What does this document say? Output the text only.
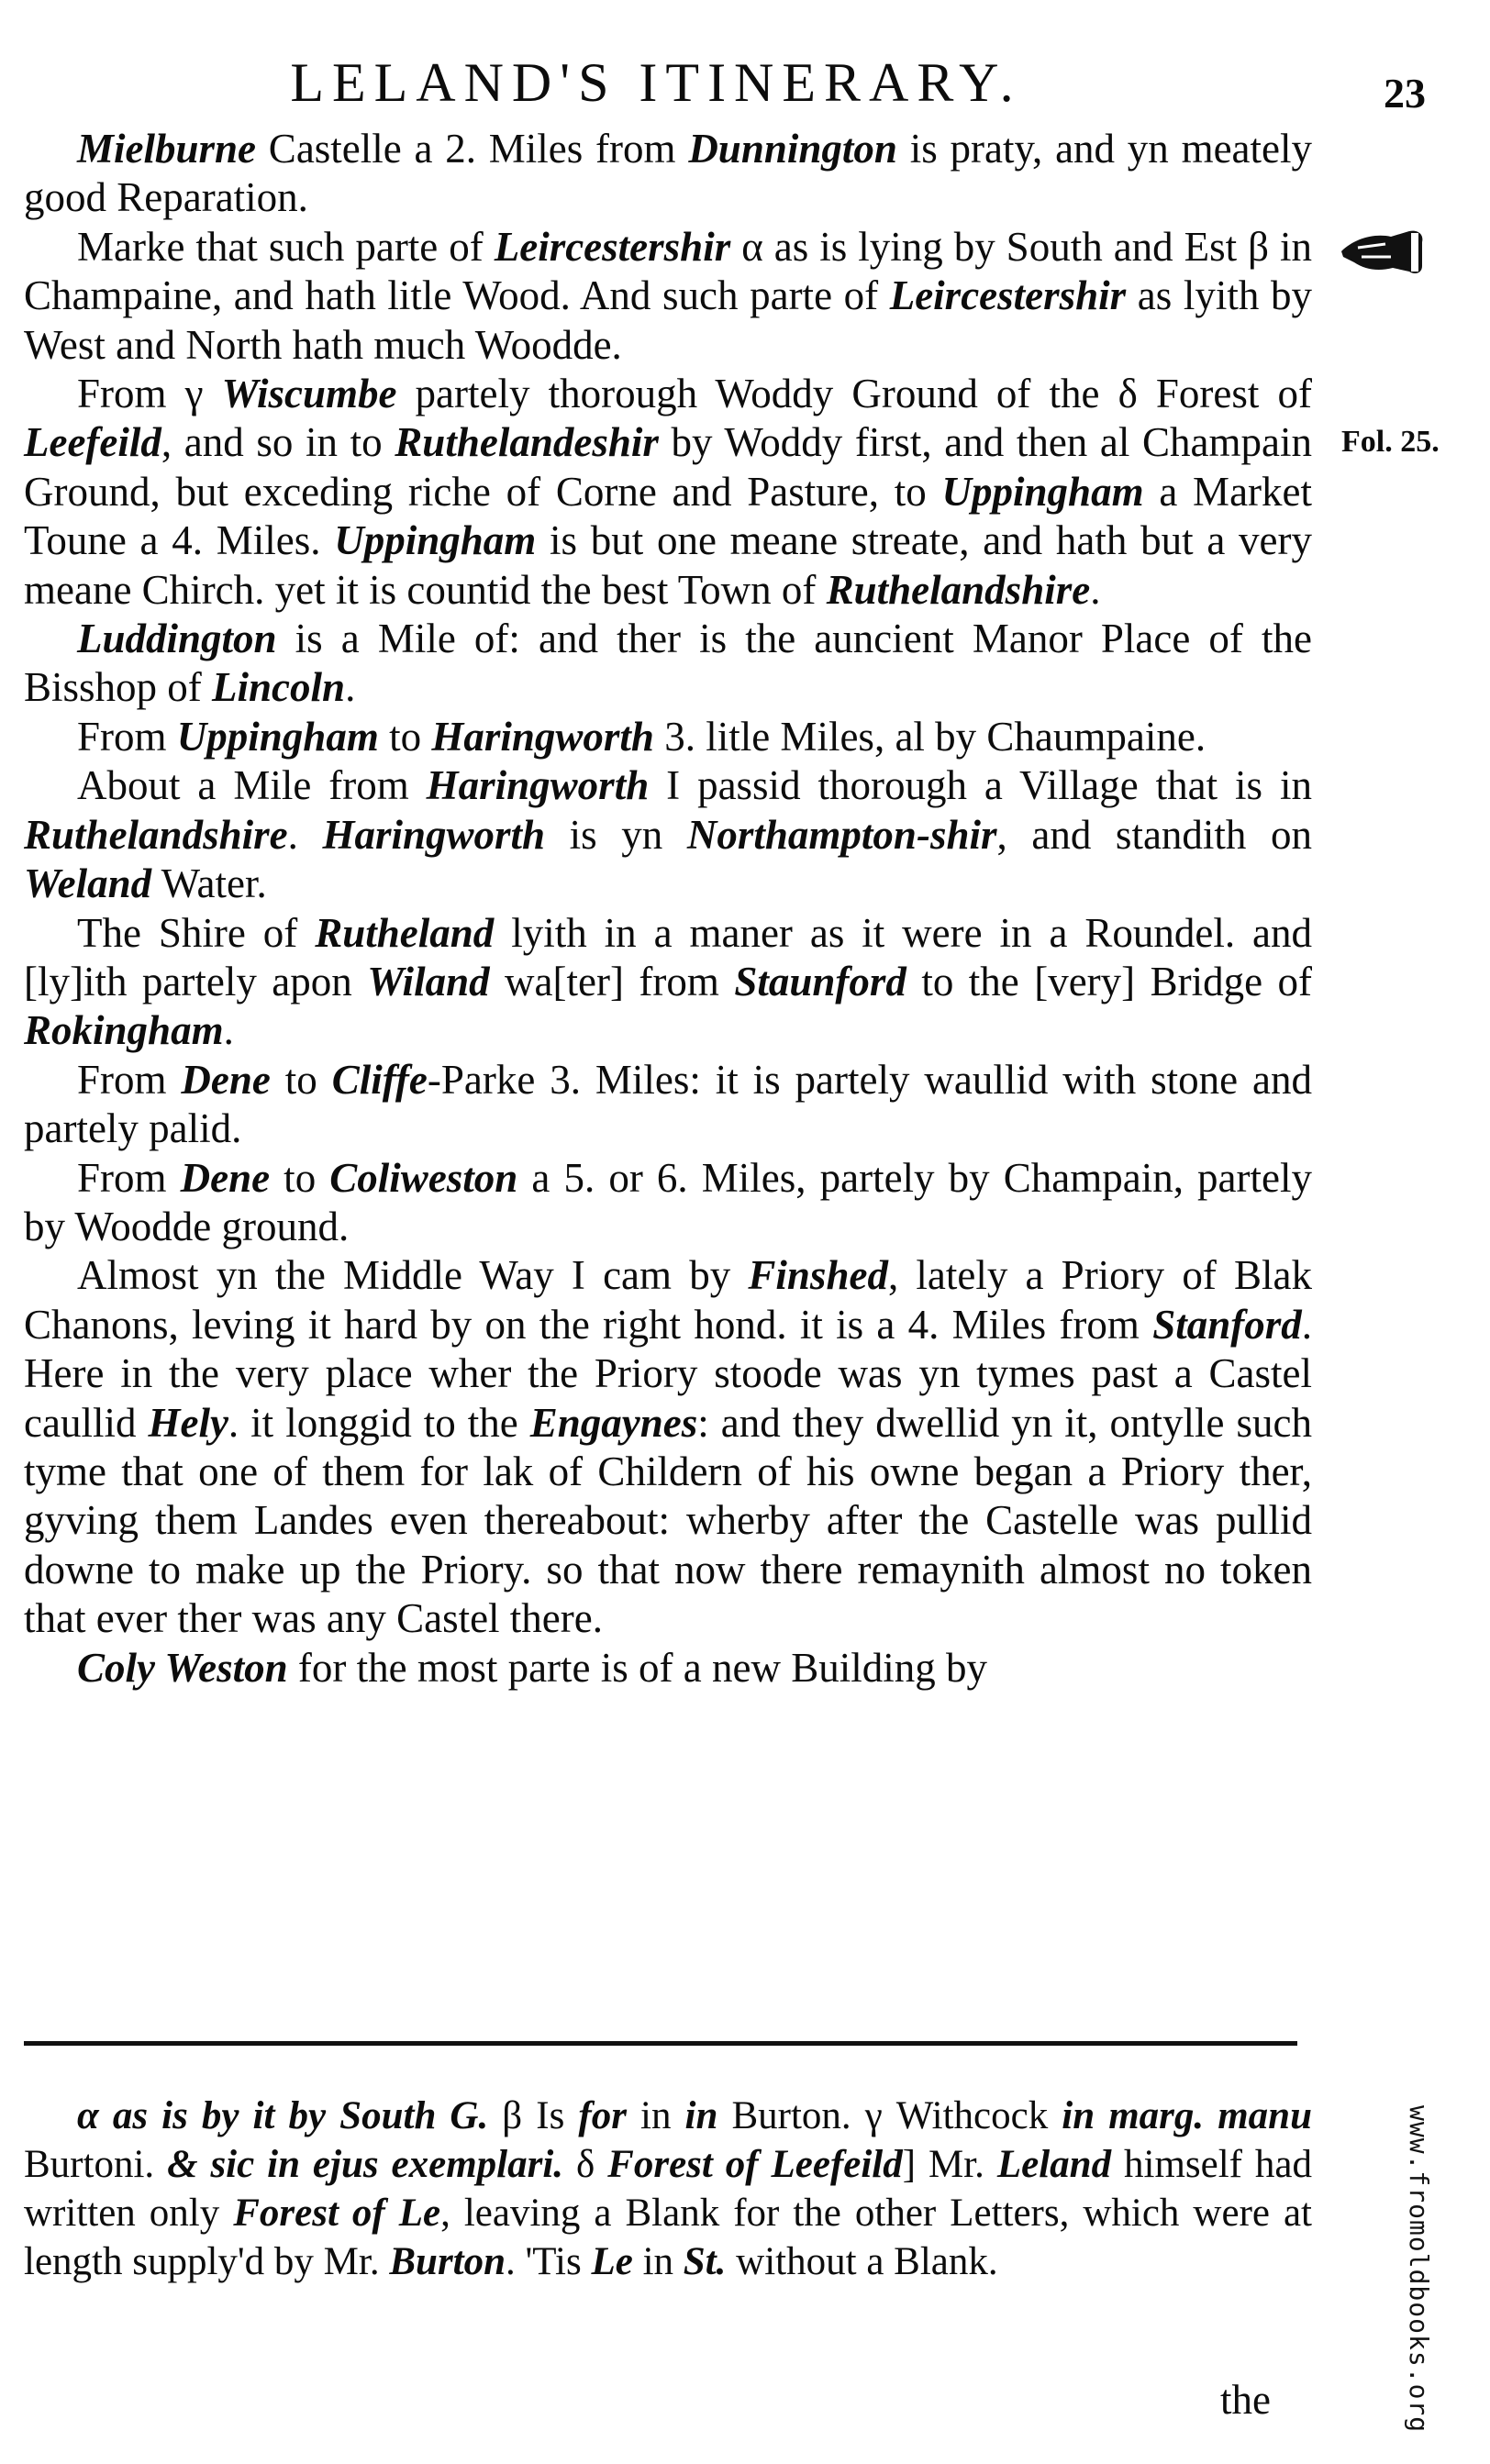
LELAND'S ITINERARY.	23
Fol. 25.

Mielburne Castelle a 2. Miles from Dunnington is praty, and yn meately good Reparation.

Marke that such parte of Leircestershir α as is lying by South and Est β in Champaine, and hath litle Wood. And such parte of Leircestershir as lyith by West and North hath much Woodde.

From γ Wiscumbe partely thorough Woddy Ground of the δ Forest of Leefeild, and so in to Ruthelandeshir by Woddy first, and then al Champain Ground, but exceding riche of Corne and Pasture, to Uppingham a Market Toune a 4. Miles. Uppingham is but one meane streate, and hath but a very meane Chirch. yet it is countid the best Town of Ruthelandshire.

Luddington is a Mile of: and ther is the auncient Manor Place of the Bisshop of Lincoln.

From Uppingham to Haringworth 3. litle Miles, al by Chaumpaine.

About a Mile from Haringworth I passid thorough a Village that is in Ruthelandshire. Haringworth is yn Northampton-shir, and standith on Weland Water.

The Shire of Rutheland lyith in a maner as it were in a Roundel. and [ly]ith partely apon Wiland wa[ter] from Staunford to the [very] Bridge of Rokingham.

From Dene to Cliffe-Parke 3. Miles: it is partely waullid with stone and partely palid.

From Dene to Coliweston a 5. or 6. Miles, partely by Champain, partely by Woodde ground.

Almost yn the Middle Way I cam by Finshed, lately a Priory of Blak Chanons, leving it hard by on the right hond. it is a 4. Miles from Stanford. Here in the very place wher the Priory stoode was yn tymes past a Castel caullid Hely. it longgid to the Engaynes: and they dwellid yn it, ontylle such tyme that one of them for lak of Childern of his owne began a Priory ther, gyving them Landes even thereabout: wherby after the Castelle was pullid downe to make up the Priory. so that now there remaynith almost no token that ever ther was any Castel there.

Coly Weston for the most parte is of a new Building by

α as is by it by South G. β Is for in in Burton. γ Withcock in marg. manu Burtoni. & sic in ejus exemplari. δ Forest of Leefeild] Mr. Leland himself had written only Forest of Le, leaving a Blank for the other Letters, which were at length supply'd by Mr. Burton. 'Tis Le in St. without a Blank.

the	www.fromoldbooks.org
